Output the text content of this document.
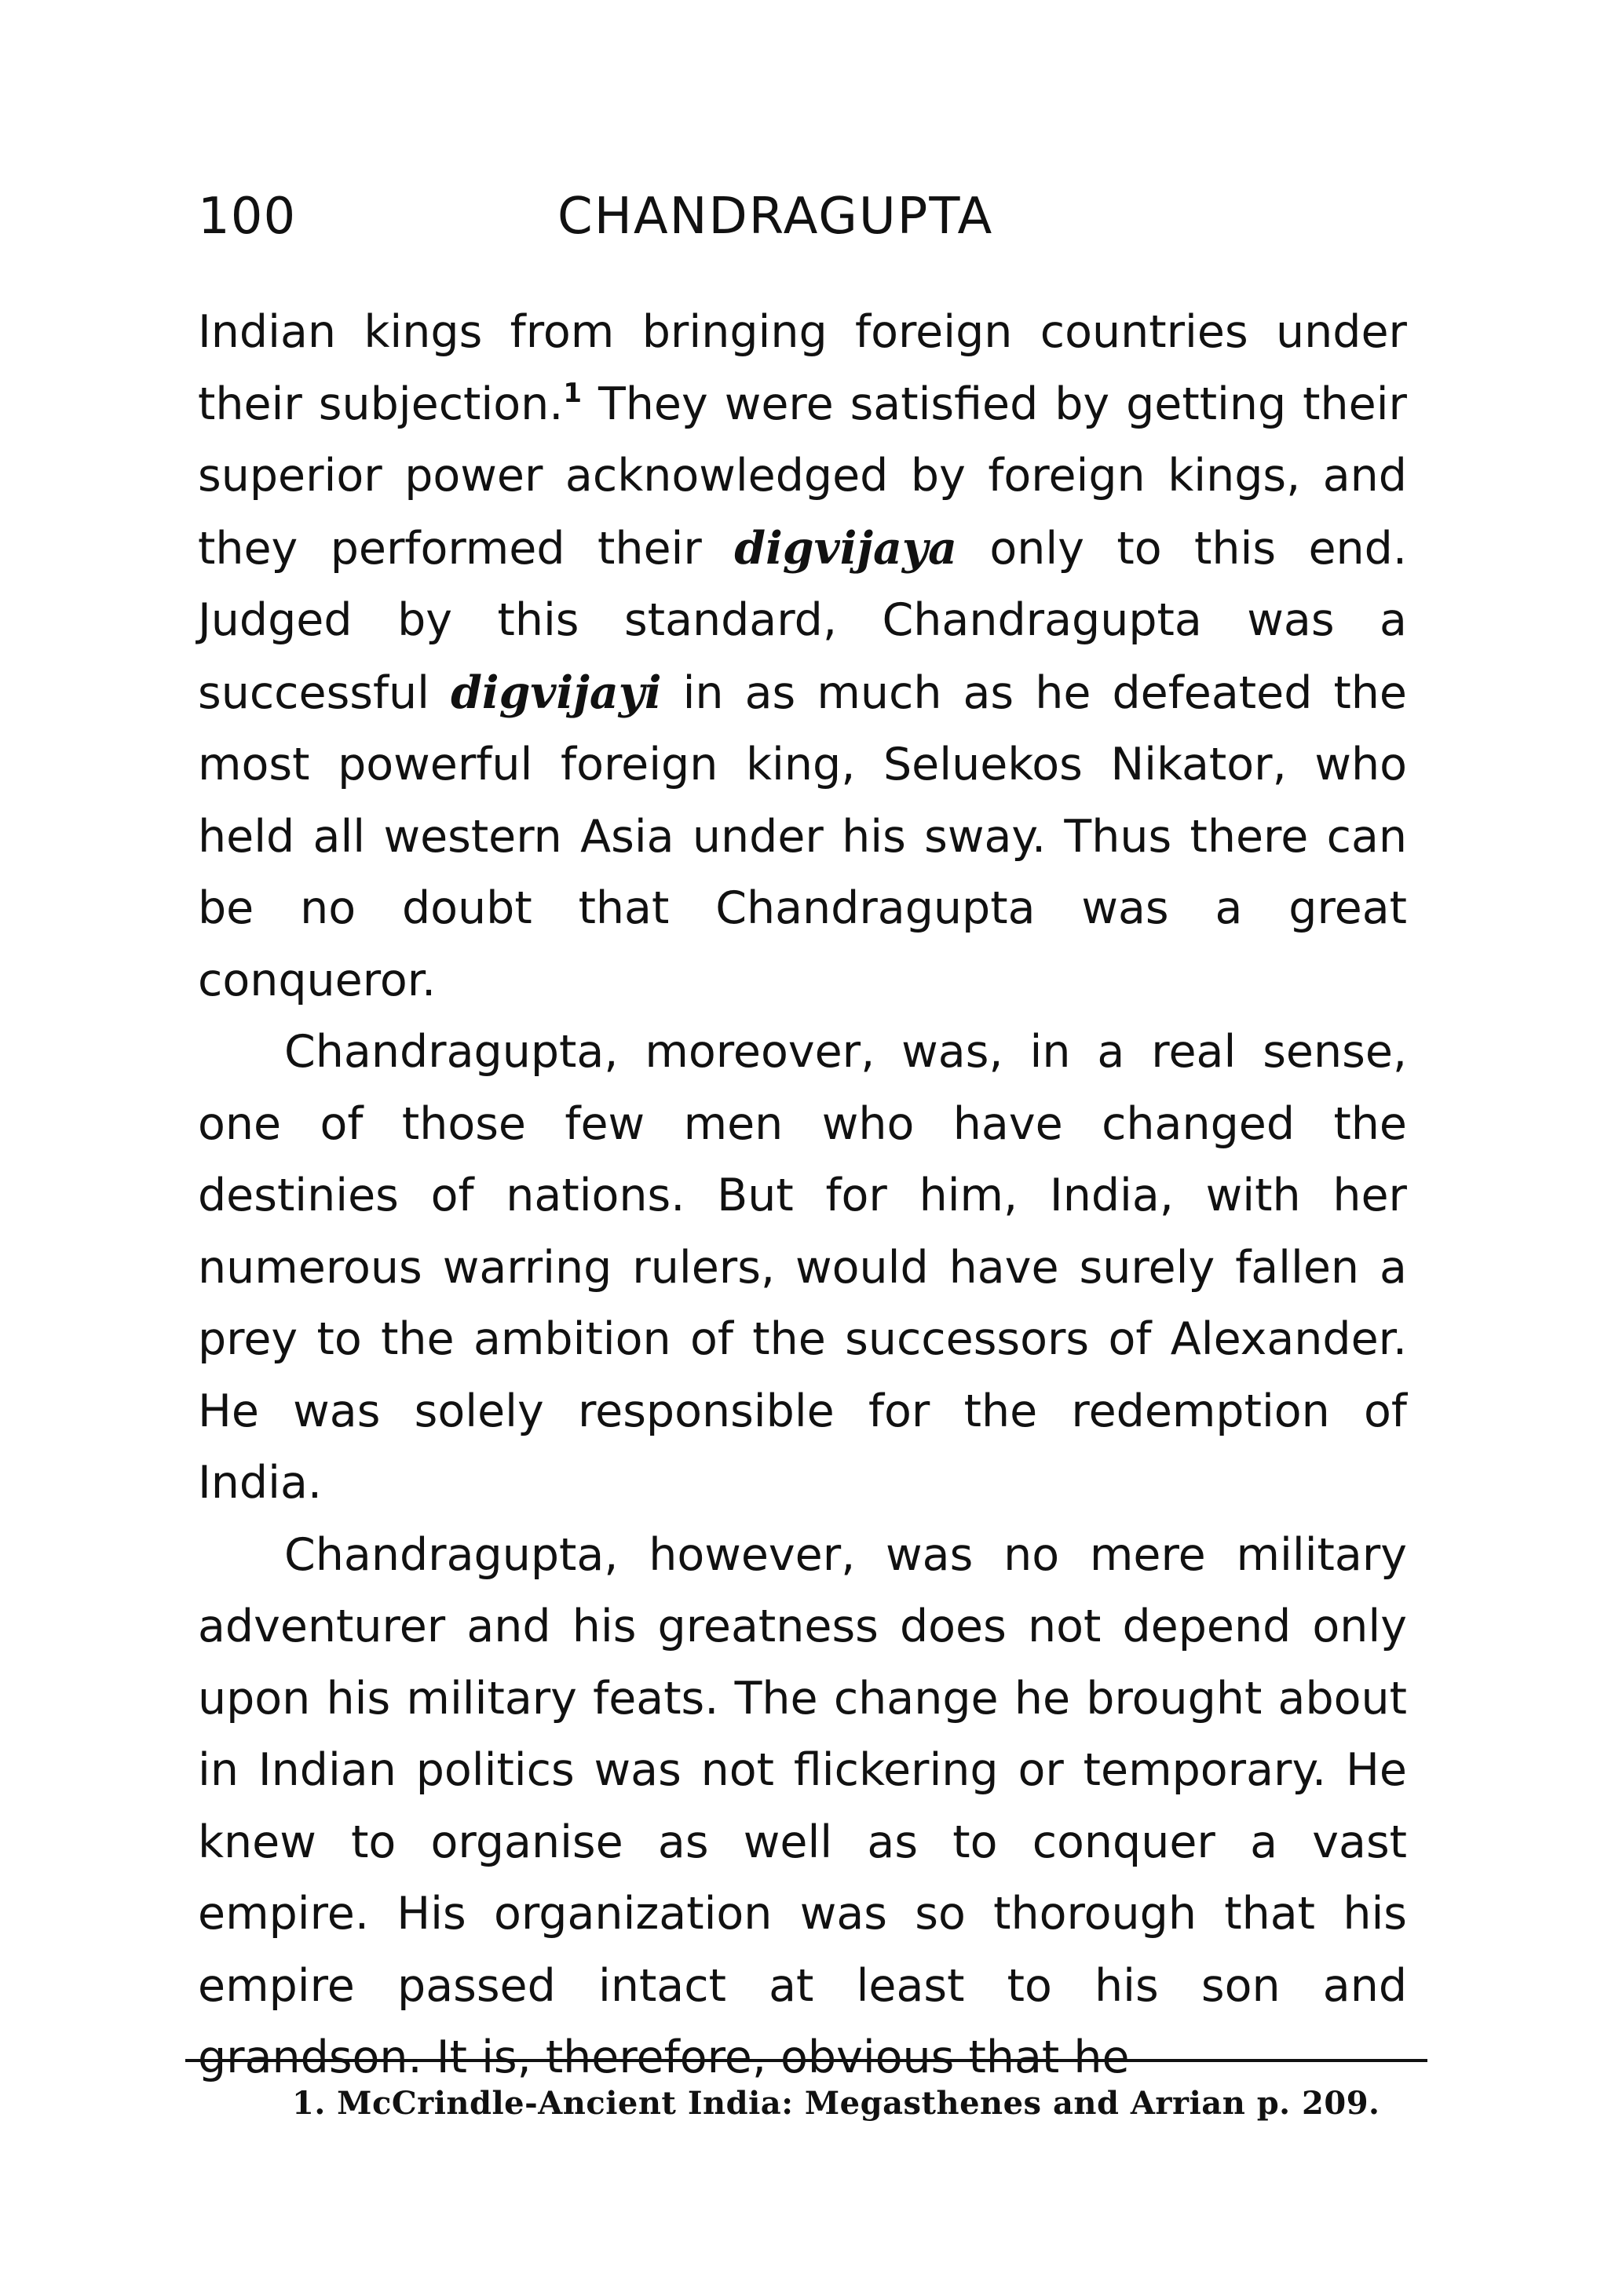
100	CHANDRAGUPTA

Indian kings from bringing foreign countries under their subjection.$^1$ They were satisfied by getting their superior power acknowledged by foreign kings, and they performed their digvijaya only to this end. Judged by this standard, Chandragupta was a successful digvijayi in as much as he defeated the most powerful foreign king, Seluekos Nikator, who held all western Asia under his sway. Thus there can be no doubt that Chandragupta was a great conqueror.

Chandragupta, moreover, was, in a real sense, one of those few men who have changed the destinies of nations. But for him, India, with her numerous warring rulers, would have surely fallen a prey to the ambition of the successors of Alexander. He was solely responsible for the redemption of India.

Chandragupta, however, was no mere military adventurer and his greatness does not depend only upon his military feats. The change he brought about in Indian politics was not flickering or temporary. He knew to organise as well as to conquer a vast empire. His organization was so thorough that his empire passed intact at least to his son and grandson. It is, therefore, obvious that he

1. McCrindle-Ancient India: Megasthenes and Arrian p. 209.
